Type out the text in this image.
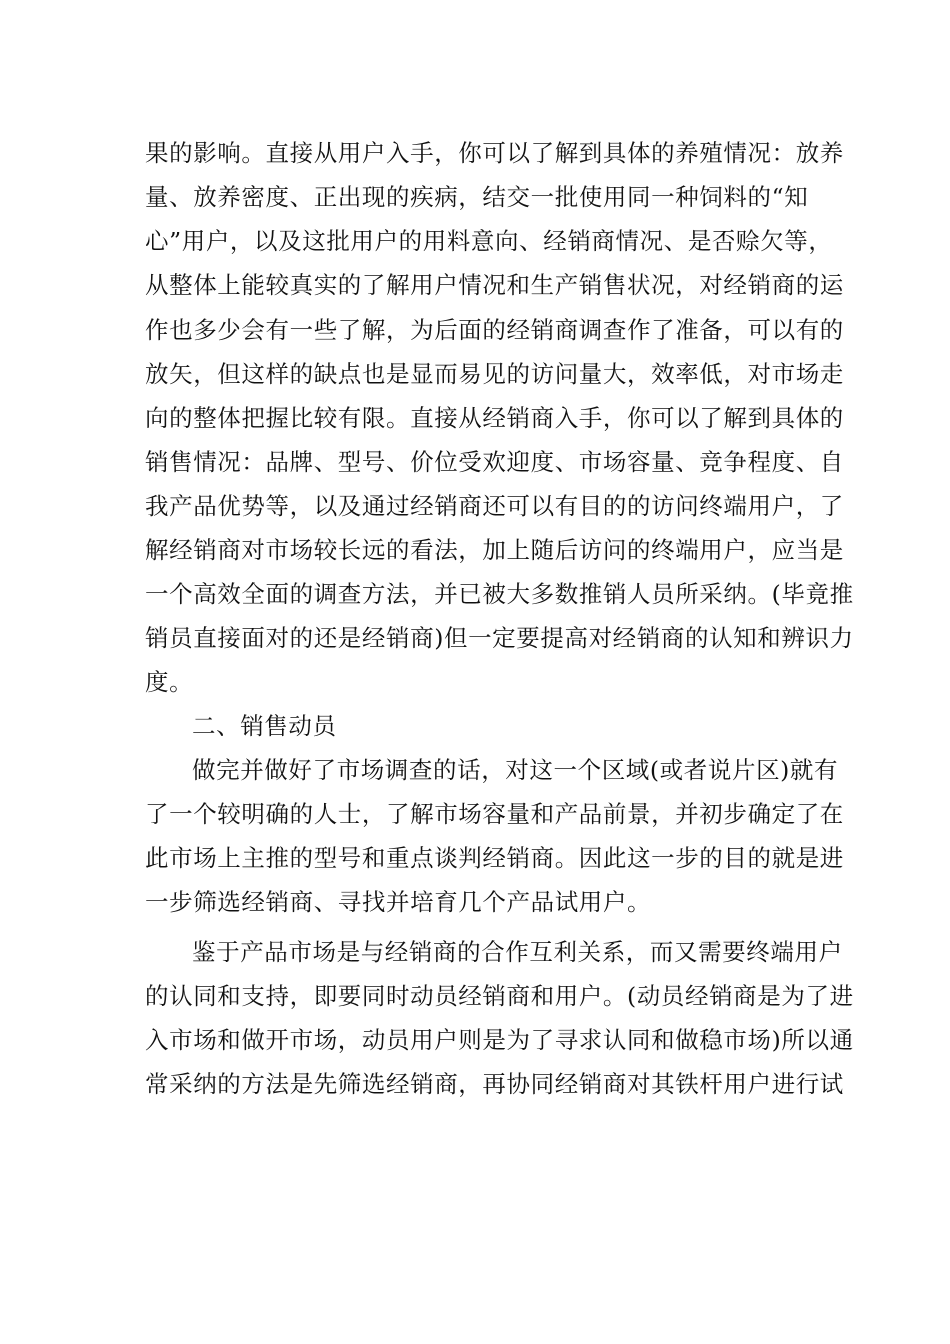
果的影响。直接从用户入手，你可以了解到具体的养殖情况：放养
量、放养密度、正出现的疾病，结交一批使用同一种饲料的“知
心”用户，以及这批用户的用料意向、经销商情况、是否赊欠等，
从整体上能较真实的了解用户情况和生产销售状况，对经销商的运
作也多少会有一些了解，为后面的经销商调查作了准备，可以有的
放矢，但这样的缺点也是显而易见的访问量大，效率低，对市场走
向的整体把握比较有限。直接从经销商入手，你可以了解到具体的
销售情况：品牌、型号、价位受欢迎度、市场容量、竞争程度、自
我产品优势等，以及通过经销商还可以有目的的访问终端用户，了
解经销商对市场较长远的看法，加上随后访问的终端用户，应当是
一个高效全面的调查方法，并已被大多数推销人员所采纳。(毕竟推
销员直接面对的还是经销商)但一定要提高对经销商的认知和辨识力
度。
二、销售动员
做完并做好了市场调查的话，对这一个区域(或者说片区)就有
了一个较明确的人士，了解市场容量和产品前景，并初步确定了在
此市场上主推的型号和重点谈判经销商。因此这一步的目的就是进
一步筛选经销商、寻找并培育几个产品试用户。
鉴于产品市场是与经销商的合作互利关系，而又需要终端用户
的认同和支持，即要同时动员经销商和用户。(动员经销商是为了进
入市场和做开市场，动员用户则是为了寻求认同和做稳市场)所以通
常采纳的方法是先筛选经销商，再协同经销商对其铁杆用户进行试
